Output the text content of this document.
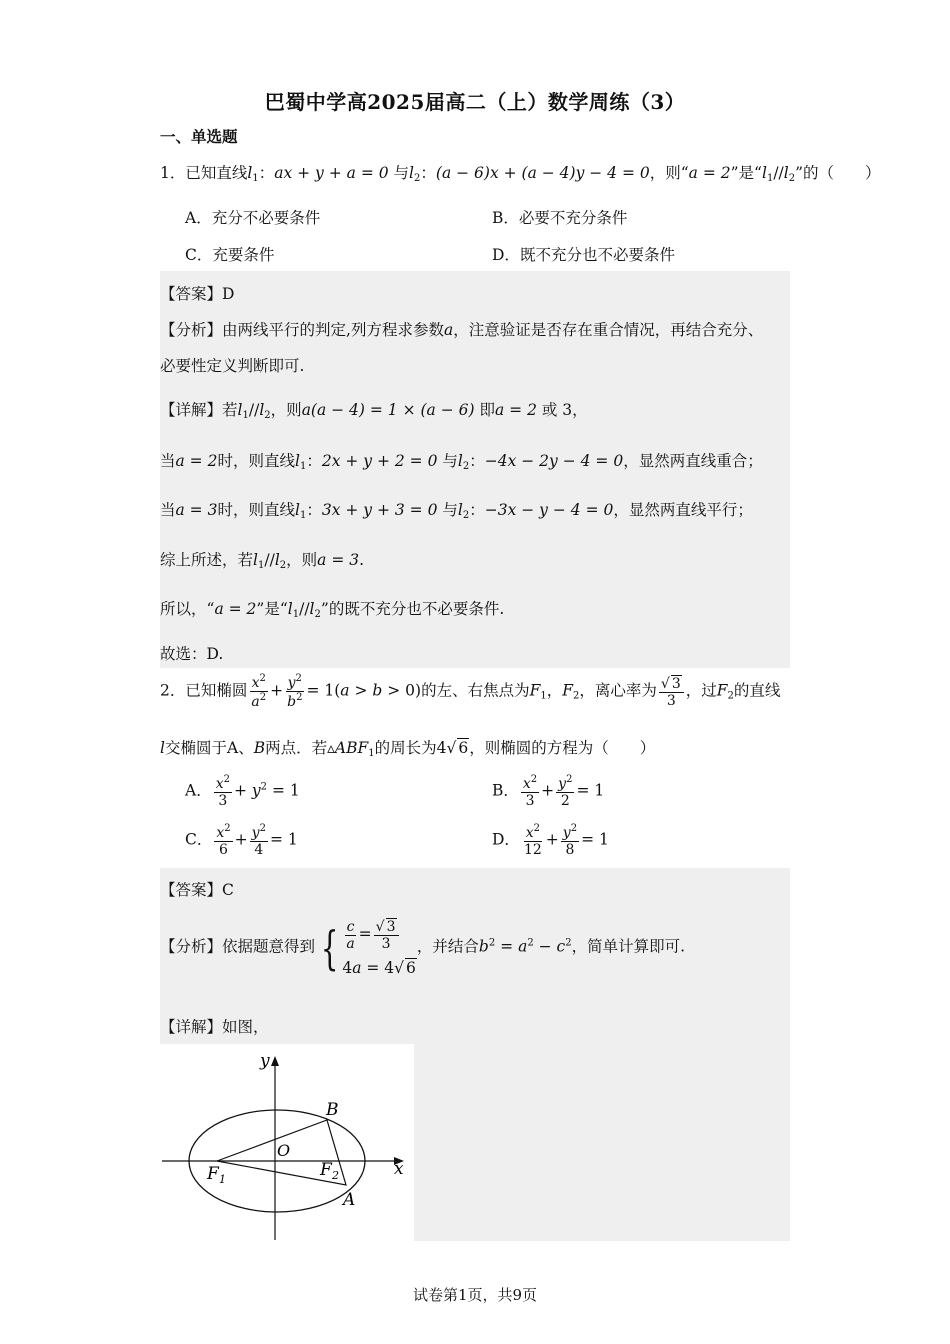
巴蜀中学高2025届高二（上）数学周练（3）
一、单选题
1．已知直线$l_1$：ax + y + a = 0 与$l_2$：(a − 6)x + (a − 4)y − 4 = 0，则“a = 2”是“$l_1//l_2$”的（　　）
A．充分不必要条件	B．必要不充分条件
C．充要条件	D．既不充分也不必要条件
【答案】D
【分析】由两线平行的判定,列方程求参数a，注意验证是否存在重合情况，再结合充分、
必要性定义判断即可.
【详解】若$l_1//l_2$，则a(a − 4) = 1 × (a − 6) 即a = 2 或 3，
当a = 2时，则直线$l_1$：2x + y + 2 = 0 与$l_2$：−4x − 2y − 4 = 0，显然两直线重合；
当a = 3时，则直线$l_1$：3x + y + 3 = 0 与$l_2$：−3x − y − 4 = 0，显然两直线平行；
综上所述，若$l_1//l_2$，则a = 3.
所以，“a = 2”是“$l_1//l_2$”的既不充分也不必要条件.
故选：D.
2．已知椭圆 $\frac{x^2}{a^2} + \frac{y^2}{b^2} = 1(a > b > 0)$的左、右焦点为$F_1$，$F_2$，离心率为 $\frac{√ 3}{3}$ ，过$F_2$的直线
l交椭圆于A、B两点．若$▵ABF_1$的周长为4√ 6，则椭圆的方程为（　　）
A． $\frac{x^2}{3} + y^2 = 1$	B． $\frac{x^2}{3} + \frac{y^2}{2} = 1$
C． $\frac{x^2}{6} + \frac{y^2}{4} = 1$	D． $\frac{x^2}{12} + \frac{y^2}{8} = 1$
【答案】C
【分析】依据题意得到 { $\frac{c}{a} = \frac{√ 3}{3}$
4a = 4√ 6
，并结合$b^2 = a^2 - c^2$，简单计算即可.
【详解】如图，
y
x
O
B
A
F 1	F 2
试卷第1页，共9页
